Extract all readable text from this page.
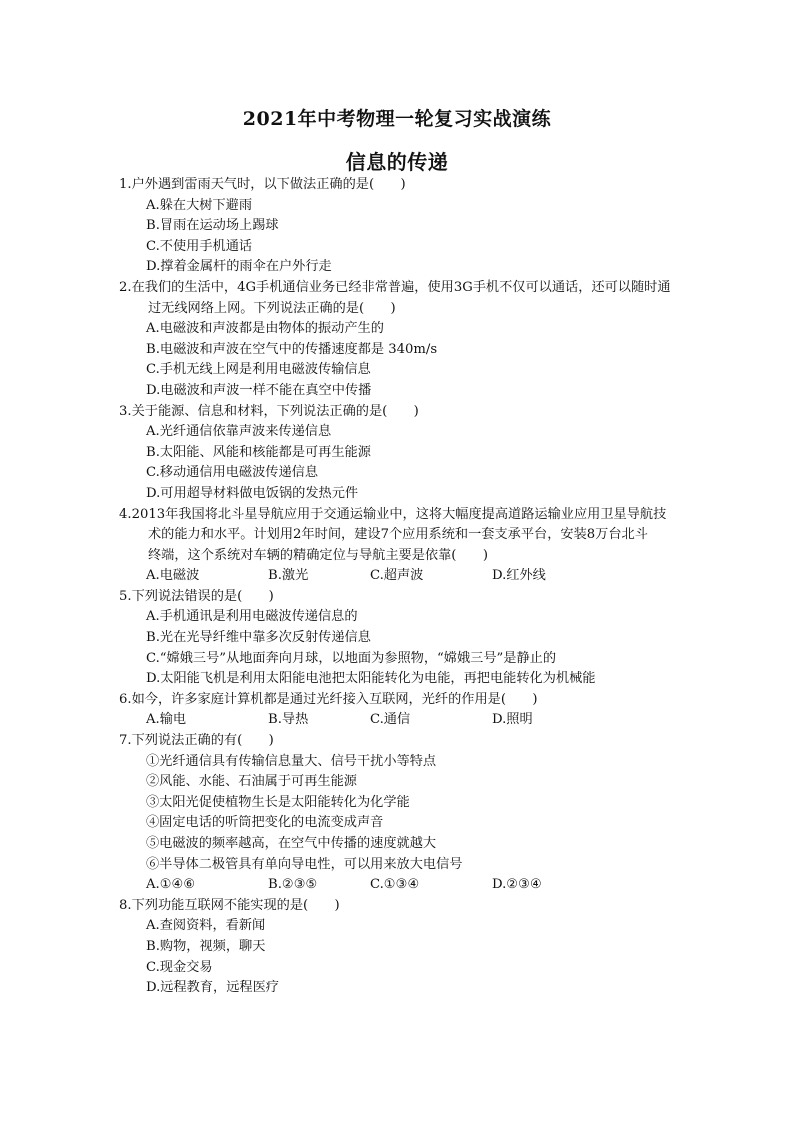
2021年中考物理一轮复习实战演练
信息的传递
1.户外遇到雷雨天气时，以下做法正确的是(　　)
A.躲在大树下避雨
B.冒雨在运动场上踢球
C.不使用手机通话
D.撑着金属杆的雨伞在户外行走
2.在我们的生活中，4G手机通信业务已经非常普遍，使用3G手机不仅可以通话，还可以随时通
过无线网络上网。下列说法正确的是(　　)
A.电磁波和声波都是由物体的振动产生的
B.电磁波和声波在空气中的传播速度都是 340m/s
C.手机无线上网是利用电磁波传输信息
D.电磁波和声波一样不能在真空中传播
3.关于能源、信息和材料，下列说法正确的是(　　)
A.光纤通信依靠声波来传递信息
B.太阳能、风能和核能都是可再生能源
C.移动通信用电磁波传递信息
D.可用超导材料做电饭锅的发热元件
4.2013年我国将北斗星导航应用于交通运输业中，这将大幅度提高道路运输业应用卫星导航技
术的能力和水平。计划用2年时间，建设7个应用系统和一套支承平台，安装8万台北斗
终端，这个系统对车辆的精确定位与导航主要是依靠(　　)
A.电磁波	B.激光	C.超声波	D.红外线
5.下列说法错误的是(　　)
A.手机通讯是利用电磁波传递信息的
B.光在光导纤维中靠多次反射传递信息
C.“嫦娥三号”从地面奔向月球，以地面为参照物，“嫦娥三号”是静止的
D.太阳能飞机是利用太阳能电池把太阳能转化为电能，再把电能转化为机械能
6.如今，许多家庭计算机都是通过光纤接入互联网，光纤的作用是(　　)
A.输电	B.导热	C.通信	D.照明
7.下列说法正确的有(　　)
①光纤通信具有传输信息量大、信号干扰小等特点
②风能、水能、石油属于可再生能源
③太阳光促使植物生长是太阳能转化为化学能
④固定电话的听筒把变化的电流变成声音
⑤电磁波的频率越高，在空气中传播的速度就越大
⑥半导体二极管具有单向导电性，可以用来放大电信号
A.①④⑥	B.②③⑤	C.①③④	D.②③④
8.下列功能互联网不能实现的是(　　)
A.查阅资料，看新闻
B.购物，视频，聊天
C.现金交易
D.远程教育，远程医疗
